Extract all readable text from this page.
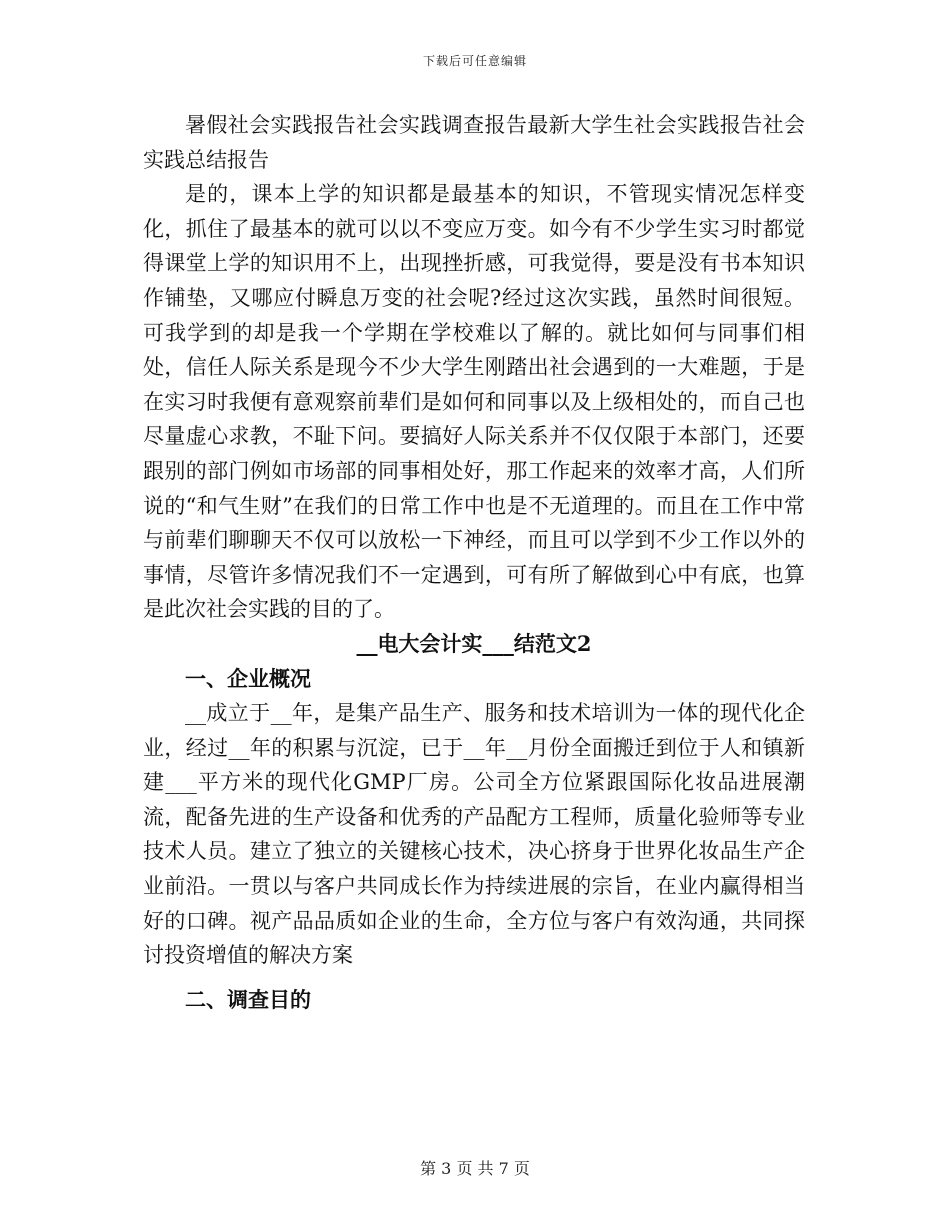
下载后可任意编辑

暑假社会实践报告社会实践调查报告最新大学生社会实践报告社会实践总结报告

是的，课本上学的知识都是最基本的知识，不管现实情况怎样变化，抓住了最基本的就可以以不变应万变。如今有不少学生实习时都觉得课堂上学的知识用不上，出现挫折感，可我觉得，要是没有书本知识作铺垫，又哪应付瞬息万变的社会呢?经过这次实践，虽然时间很短。可我学到的却是我一个学期在学校难以了解的。就比如何与同事们相处，信任人际关系是现今不少大学生刚踏出社会遇到的一大难题，于是在实习时我便有意观察前辈们是如何和同事以及上级相处的，而自己也尽量虚心求教，不耻下问。要搞好人际关系并不仅仅限于本部门，还要跟别的部门例如市场部的同事相处好，那工作起来的效率才高，人们所说的“和气生财”在我们的日常工作中也是不无道理的。而且在工作中常与前辈们聊聊天不仅可以放松一下神经，而且可以学到不少工作以外的事情，尽管许多情况我们不一定遇到，可有所了解做到心中有底，也算是此次社会实践的目的了。

__电大会计实___结范文2

一、企业概况

__成立于__年，是集产品生产、服务和技术培训为一体的现代化企业，经过__年的积累与沉淀，已于__年__月份全面搬迁到位于人和镇新建___平方米的现代化GMP厂房。公司全方位紧跟国际化妆品进展潮流，配备先进的生产设备和优秀的产品配方工程师，质量化验师等专业技术人员。建立了独立的关键核心技术，决心挤身于世界化妆品生产企业前沿。一贯以与客户共同成长作为持续进展的宗旨，在业内赢得相当好的口碑。视产品品质如企业的生命，全方位与客户有效沟通，共同探讨投资增值的解决方案

二、调查目的

第 3 页 共 7 页
